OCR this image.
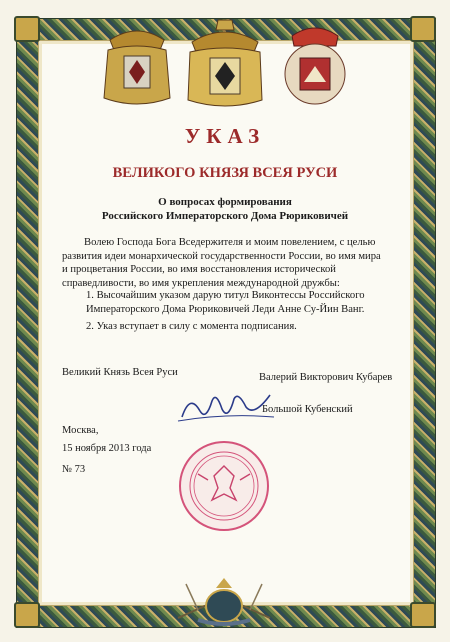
УКАЗ
ВЕЛИКОГО КНЯЗЯ ВСЕЯ РУСИ
О вопросах формирования
Российского Императорского Дома Рюриковичей
Волею Господа Бога Вседержителя и моим повелением, с целью развития идеи монархической государственности России, во имя мира и процветания России, во имя восстановления исторической справедливости, во имя укрепления международной дружбы:
1. Высочайшим указом дарую титул Виконтессы Российского Императорского Дома Рюриковичей Леди Анне Су-Йин Ванг.
2. Указ вступает в силу с момента подписания.
Великий Князь Всея Руси	Валерий Викторович Кубарев
Большой Кубенский
Москва,
15 ноября 2013 года
№ 73
